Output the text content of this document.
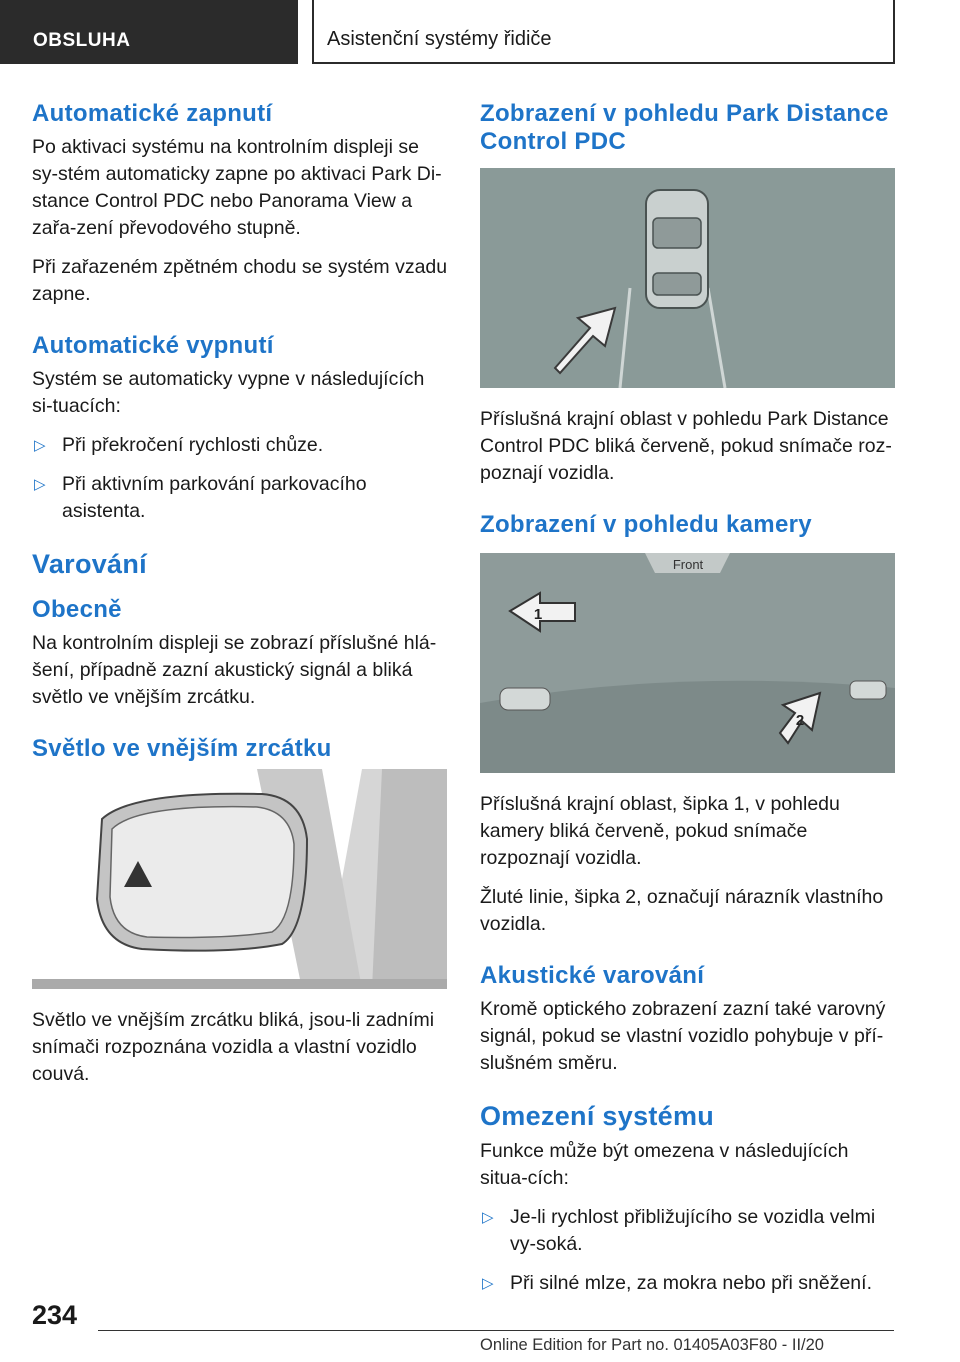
OBSLUHA	Asistenční systémy řidiče
Automatické zapnutí

Po aktivaci systému na kontrolním displeji se sy-stém automaticky zapne po aktivaci Park Di-stance Control PDC nebo Panorama View a zařa-zení převodového stupně.

Při zařazeném zpětném chodu se systém vzadu zapne.

Automatické vypnutí

Systém se automaticky vypne v následujících si-tuacích:

▷ Při překročení rychlosti chůze.
▷ Při aktivním parkování parkovacího asistenta.
Varování
Obecně

Na kontrolním displeji se zobrazí příslušné hlá-šení, případně zazní akustický signál a bliká světlo ve vnějším zrcátku.

Světlo ve vnějším zrcátku

Světlo ve vnějším zrcátku bliká, jsou-li zadními snímači rozpoznána vozidla a vlastní vozidlo couvá.

Zobrazení v pohledu Park Distance Control PDC

Příslušná krajní oblast v pohledu Park Distance Control PDC bliká červeně, pokud snímače roz-poznají vozidla.

Zobrazení v pohledu kamery
Front
1
2

Příslušná krajní oblast, šipka 1, v pohledu kamery bliká červeně, pokud snímače rozpoznají vozidla.

Žluté linie, šipka 2, označují nárazník vlastního vozidla.

Akustické varování

Kromě optického zobrazení zazní také varovný signál, pokud se vlastní vozidlo pohybuje v pří-slušném směru.

Omezení systému

Funkce může být omezena v následujících situa-cích:

▷ Je-li rychlost přibližujícího se vozidla velmi vy-soká.
▷ Při silné mlze, za mokra nebo při sněžení.
234
Online Edition for Part no. 01405A03F80 - II/20
